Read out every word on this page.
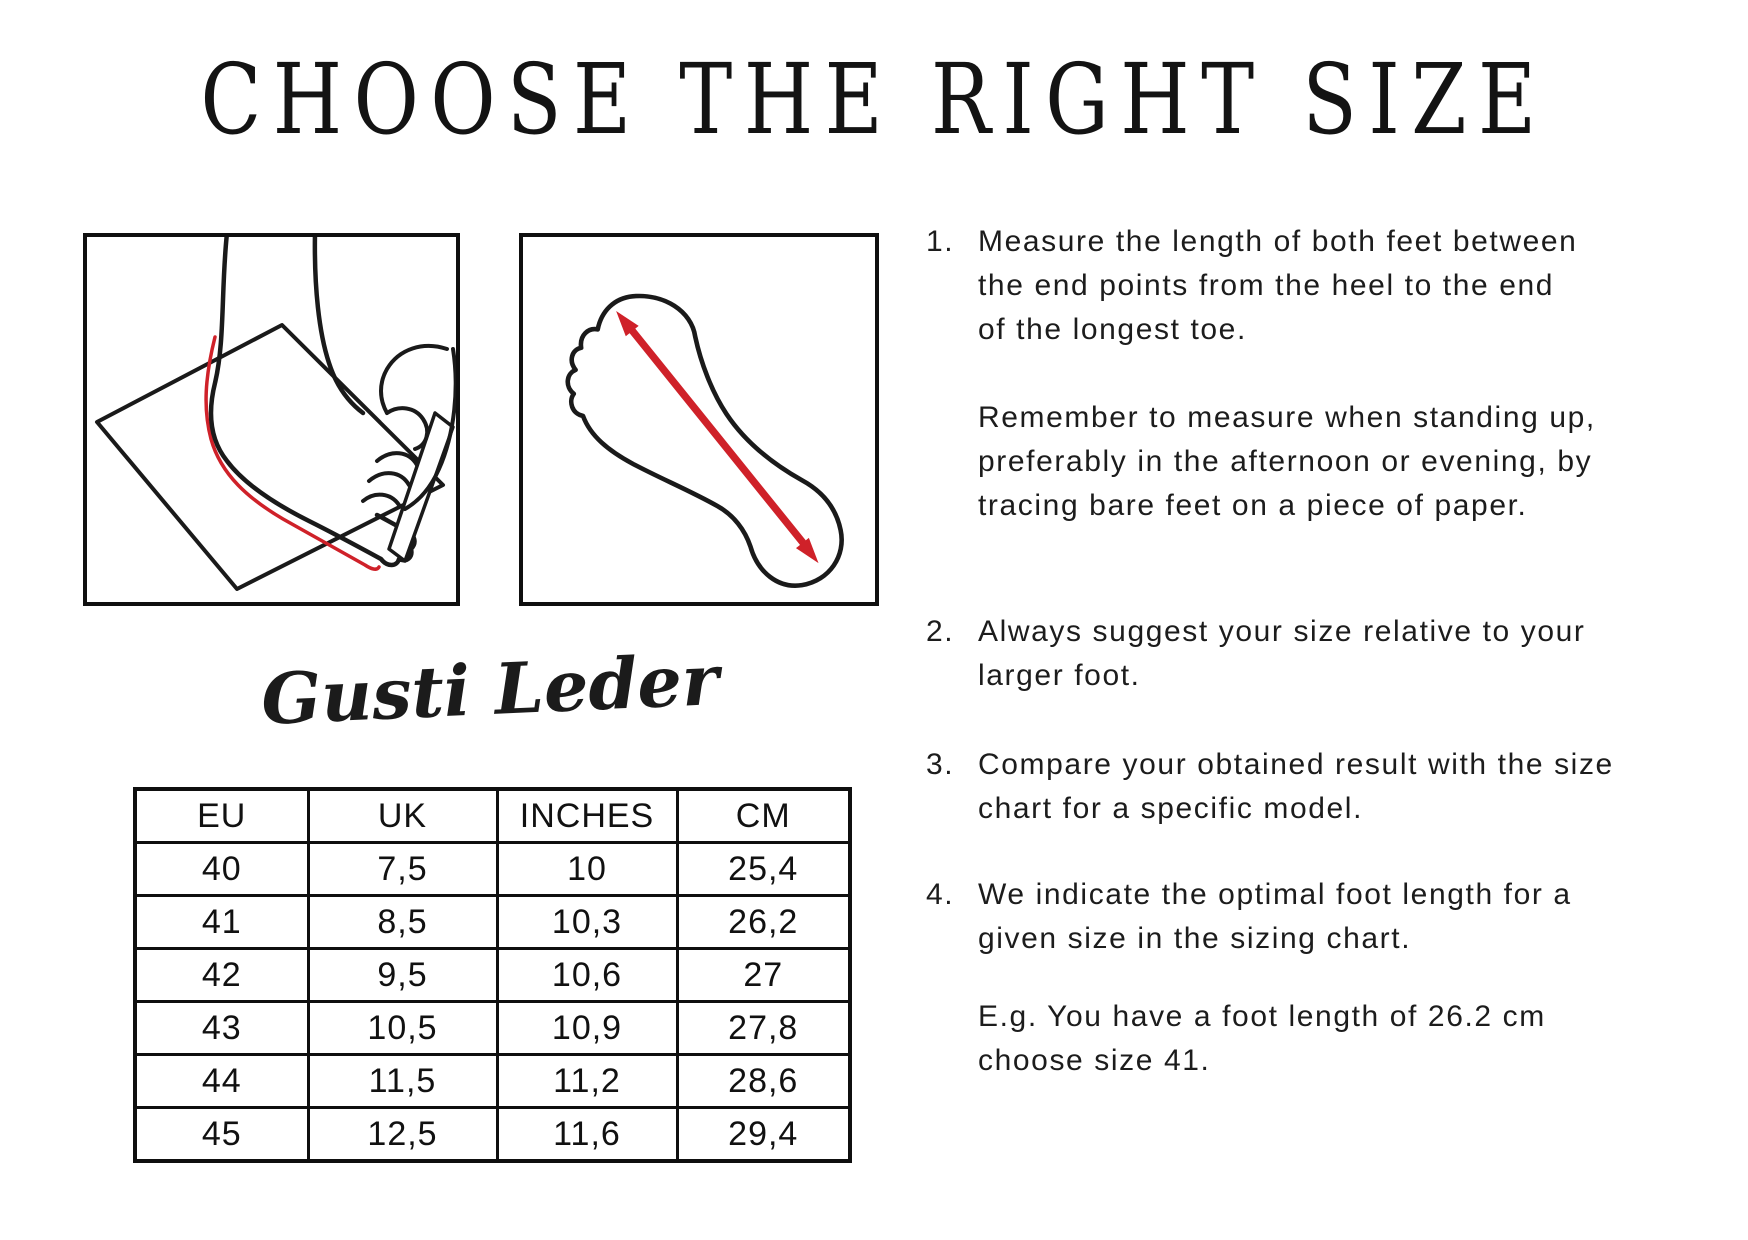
CHOOSE THE RIGHT SIZE
Gusti Leder
EU	UK	INCHES	CM
40	7,5	10	25,4
41	8,5	10,3	26,2
42	9,5	10,6	27
43	10,5	10,9	27,8
44	11,5	11,2	28,6
45	12,5	11,6	29,4
1. Measure the length of both feet between
the end points from the heel to the end
of the longest toe.

Remember to measure when standing up,
preferably in the afternoon or evening, by
tracing bare feet on a piece of paper.

2. Always suggest your size relative to your
larger foot.

3. Compare your obtained result with the size
chart for a specific model.

4. We indicate the optimal foot length for a
given size in the sizing chart.

E.g. You have a foot length of 26.2 cm
choose size 41.
